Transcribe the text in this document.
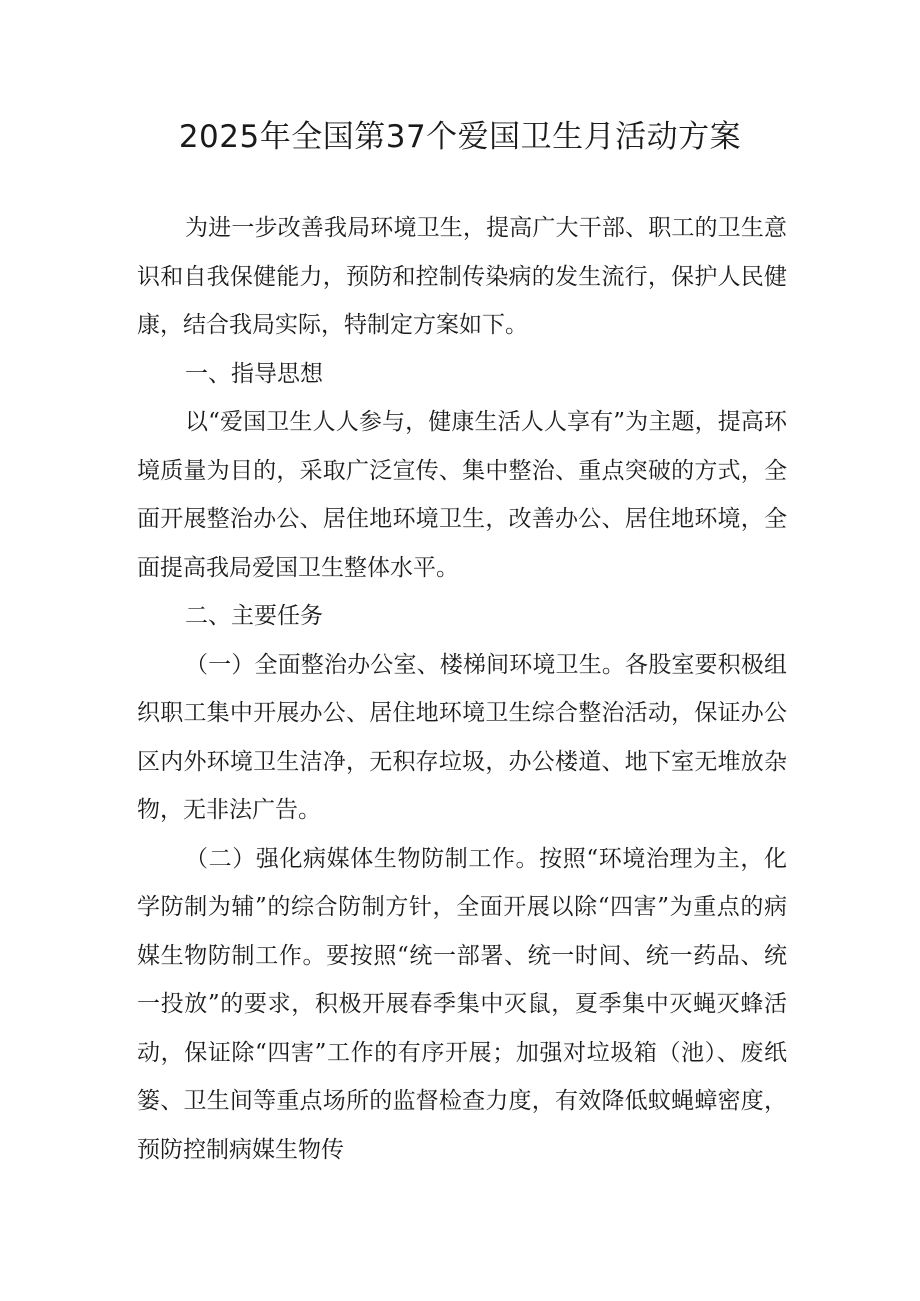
2025年全国第37个爱国卫生月活动方案

为进一步改善我局环境卫生，提高广大干部、职工的卫生意识和自我保健能力，预防和控制传染病的发生流行，保护人民健康，结合我局实际，特制定方案如下。

一、指导思想

以“爱国卫生人人参与，健康生活人人享有”为主题，提高环境质量为目的，采取广泛宣传、集中整治、重点突破的方式，全面开展整治办公、居住地环境卫生，改善办公、居住地环境，全面提高我局爱国卫生整体水平。

二、主要任务

（一）全面整治办公室、楼梯间环境卫生。各股室要积极组织职工集中开展办公、居住地环境卫生综合整治活动，保证办公区内外环境卫生洁净，无积存垃圾，办公楼道、地下室无堆放杂物，无非法广告。

（二）强化病媒体生物防制工作。按照“环境治理为主，化学防制为辅”的综合防制方针，全面开展以除“四害”为重点的病媒生物防制工作。要按照“统一部署、统一时间、统一药品、统一投放”的要求，积极开展春季集中灭鼠，夏季集中灭蝇灭蜂活动，保证除“四害”工作的有序开展；加强对垃圾箱（池）、废纸篓、卫生间等重点场所的监督检查力度，有效降低蚊蝇蟑密度，预防控制病媒生物传
